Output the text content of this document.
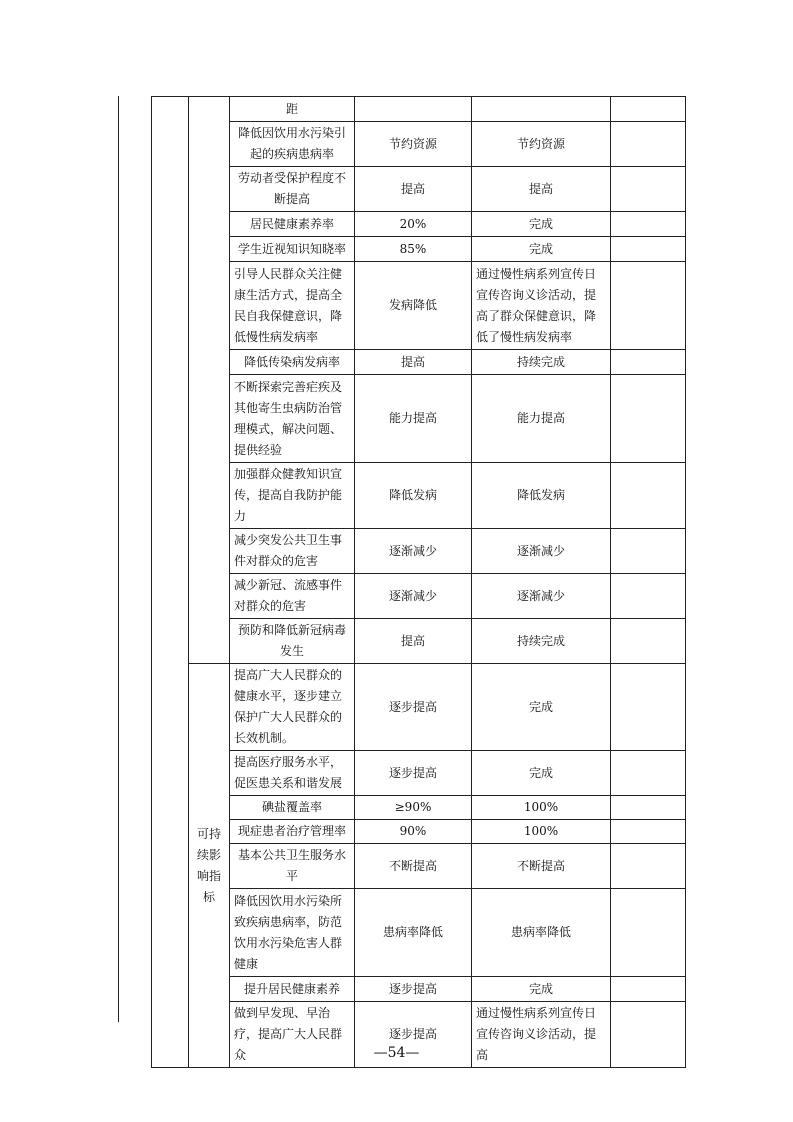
		距			
		降低因饮用水污染引起的疾病患病率	节约资源	节约资源	
		劳动者受保护程度不断提高	提高	提高	
		居民健康素养率	20%	完成	
		学生近视知识知晓率	85%	完成	
		引导人民群众关注健康生活方式，提高全民自我保健意识，降低慢性病发病率	发病降低	通过慢性病系列宣传日宣传咨询义诊活动，提高了群众保健意识，降低了慢性病发病率	
		降低传染病发病率	提高	持续完成	
		不断探索完善疟疾及其他寄生虫病防治管理模式，解决问题、提供经验	能力提高	能力提高	
		加强群众健教知识宣传，提高自我防护能力	降低发病	降低发病	
		减少突发公共卫生事件对群众的危害	逐渐减少	逐渐减少	
		减少新冠、流感事件对群众的危害	逐渐减少	逐渐减少	
		预防和降低新冠病毒发生	提高	持续完成	

	可持续影响指标	提高广大人民群众的健康水平，逐步建立保护广大人民群众的长效机制。	逐步提高	完成	
		提高医疗服务水平，促医患关系和谐发展	逐步提高	完成	
		碘盐覆盖率	≥90%	100%	
		现症患者治疗管理率	90%	100%	
		基本公共卫生服务水平	不断提高	不断提高	
		降低因饮用水污染所致疾病患病率，防范饮用水污染危害人群健康	患病率降低	患病率降低	
		提升居民健康素养	逐步提高	完成	
		做到早发现、早治疗，提高广大人民群众	逐步提高	通过慢性病系列宣传日宣传咨询义诊活动，提高	
—54—
